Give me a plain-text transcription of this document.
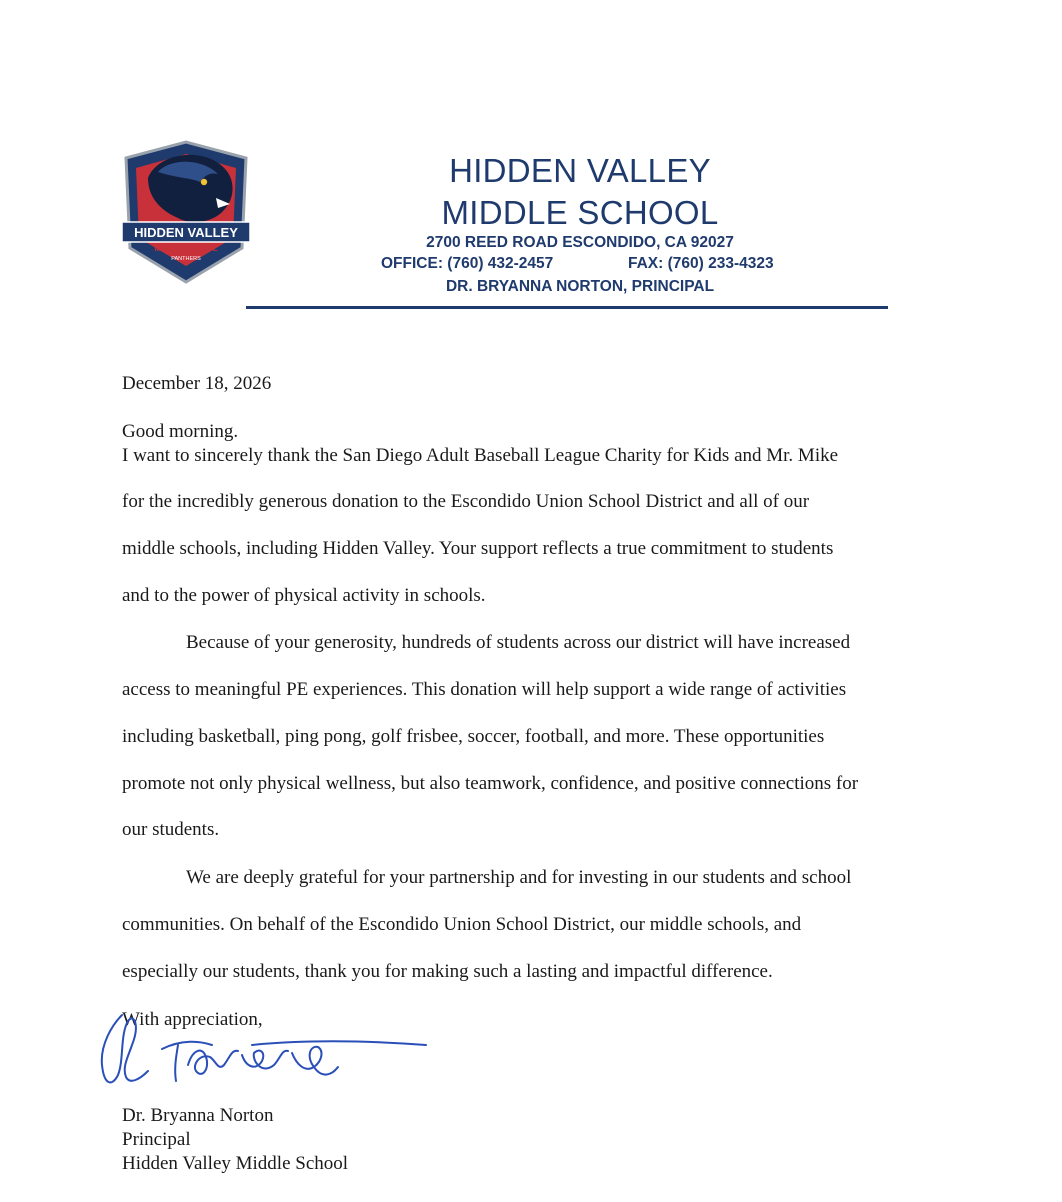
HIDDEN VALLEY
MIDDLE SCHOOL
PANTHERS
HIDDEN VALLEY
MIDDLE SCHOOL
2700 REED ROAD ESCONDIDO, CA 92027
OFFICE: (760) 432-2457	FAX: (760) 233-4323
DR. BRYANNA NORTON, PRINCIPAL
December 18, 2026
Good morning.
I want to sincerely thank the San Diego Adult Baseball League Charity for Kids and Mr. Mike
for the incredibly generous donation to the Escondido Union School District and all of our
middle schools, including Hidden Valley. Your support reflects a true commitment to students
and to the power of physical activity in schools.
Because of your generosity, hundreds of students across our district will have increased
access to meaningful PE experiences. This donation will help support a wide range of activities
including basketball, ping pong, golf frisbee, soccer, football, and more. These opportunities
promote not only physical wellness, but also teamwork, confidence, and positive connections for
our students.
We are deeply grateful for your partnership and for investing in our students and school
communities. On behalf of the Escondido Union School District, our middle schools, and
especially our students, thank you for making such a lasting and impactful difference.
With appreciation,
Dr. Bryanna Norton
Principal
Hidden Valley Middle School
